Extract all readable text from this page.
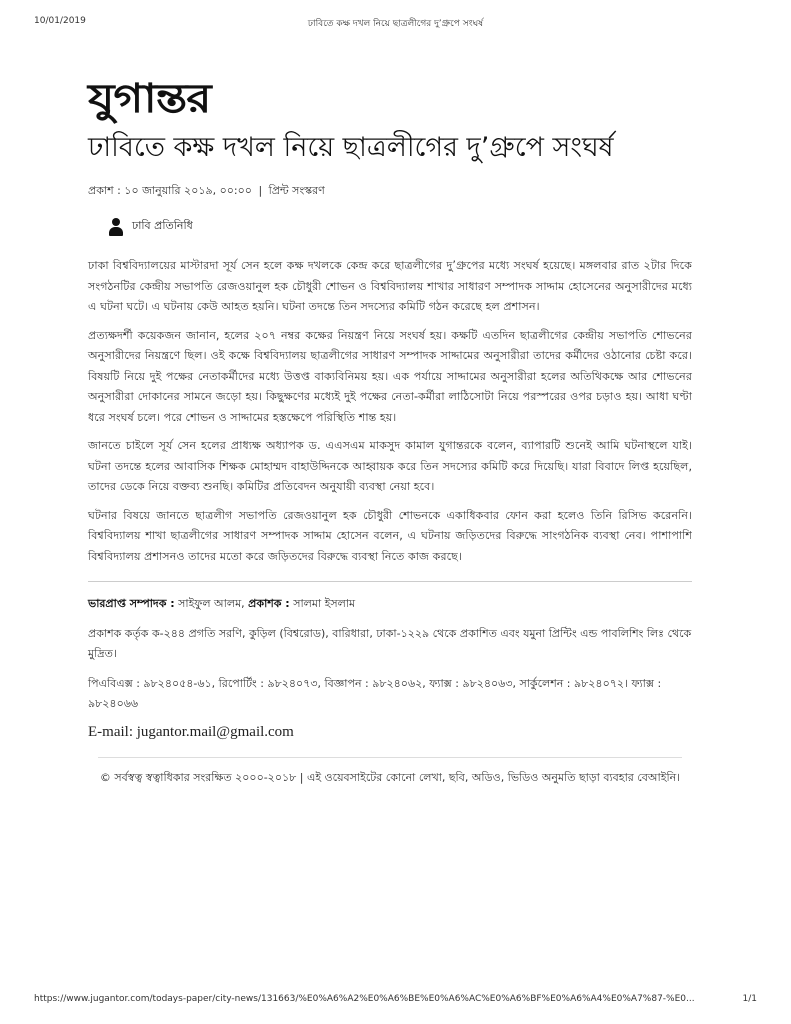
10/01/2019	ঢাবিতে কক্ষ দখল নিয়ে ছাত্রলীগের দু’গ্রুপে সংঘর্ষ
যুগান্তর
ঢাবিতে কক্ষ দখল নিয়ে ছাত্রলীগের দু’গ্রুপে সংঘর্ষ
প্রকাশ : ১০ জানুয়ারি ২০১৯, ০০:০০ | প্রিন্ট সংস্করণ
ঢাবি প্রতিনিধি

ঢাকা বিশ্ববিদ্যালয়ের মাস্টারদা সূর্য সেন হলে কক্ষ দখলকে কেন্দ্র করে ছাত্রলীগের দু’গ্রুপের মধ্যে সংঘর্ষ হয়েছে। মঙ্গলবার রাত ২টার দিকে সংগঠনটির কেন্দ্রীয় সভাপতি রেজওয়ানুল হক চৌধুরী শোভন ও বিশ্ববিদ্যালয় শাখার সাধারণ সম্পাদক সাদ্দাম হোসেনের অনুসারীদের মধ্যে এ ঘটনা ঘটে। এ ঘটনায় কেউ আহত হয়নি। ঘটনা তদন্তে তিন সদস্যের কমিটি গঠন করেছে হল প্রশাসন।

প্রত্যক্ষদর্শী কয়েকজন জানান, হলের ২০৭ নম্বর কক্ষের নিয়ন্ত্রণ নিয়ে সংঘর্ষ হয়। কক্ষটি এতদিন ছাত্রলীগের কেন্দ্রীয় সভাপতি শোভনের অনুসারীদের নিয়ন্ত্রণে ছিল। ওই কক্ষে বিশ্ববিদ্যালয় ছাত্রলীগের সাধারণ সম্পাদক সাদ্দামের অনুসারীরা তাদের কর্মীদের ওঠানোর চেষ্টা করে। বিষয়টি নিয়ে দুই পক্ষের নেতাকর্মীদের মধ্যে উত্তপ্ত বাক্যবিনিময় হয়। এক পর্যায়ে সাদ্দামের অনুসারীরা হলের অতিথিকক্ষে আর শোভনের অনুসারীরা দোকানের সামনে জড়ো হয়। কিছুক্ষণের মধ্যেই দুই পক্ষের নেতা-কর্মীরা লাঠিসোটা নিয়ে পরস্পরের ওপর চড়াও হয়। আধা ঘণ্টা ধরে সংঘর্ষ চলে। পরে শোভন ও সাদ্দামের হস্তক্ষেপে পরিস্থিতি শান্ত হয়।

জানতে চাইলে সূর্য সেন হলের প্রাধ্যক্ষ অধ্যাপক ড. এএসএম মাকসুদ কামাল যুগান্তরকে বলেন, ব্যাপারটি শুনেই আমি ঘটনাস্থলে যাই। ঘটনা তদন্তে হলের আবাসিক শিক্ষক মোহাম্মদ বাহাউদ্দিনকে আহ্বায়ক করে তিন সদস্যের কমিটি করে দিয়েছি। যারা বিবাদে লিপ্ত হয়েছিল, তাদের ডেকে নিয়ে বক্তব্য শুনছি। কমিটির প্রতিবেদন অনুযায়ী ব্যবস্থা নেয়া হবে।

ঘটনার বিষয়ে জানতে ছাত্রলীগ সভাপতি রেজওয়ানুল হক চৌধুরী শোভনকে একাধিকবার ফোন করা হলেও তিনি রিসিভ করেননি। বিশ্ববিদ্যালয় শাখা ছাত্রলীগের সাধারণ সম্পাদক সাদ্দাম হোসেন বলেন, এ ঘটনায় জড়িতদের বিরুদ্ধে সাংগঠনিক ব্যবস্থা নেব। পাশাপাশি বিশ্ববিদ্যালয় প্রশাসনও তাদের মতো করে জড়িতদের বিরুদ্ধে ব্যবস্থা নিতে কাজ করছে।

ভারপ্রাপ্ত সম্পাদক : সাইফুল আলম, প্রকাশক : সালমা ইসলাম
প্রকাশক কর্তৃক ক-২৪৪ প্রগতি সরণি, কুড়িল (বিশ্বরোড), বারিধারা, ঢাকা-১২২৯ থেকে প্রকাশিত এবং যমুনা প্রিন্টিং এন্ড পাবলিশিং লিঃ থেকে মুদ্রিত।
পিএবিএক্স : ৯৮২৪০৫৪-৬১, রিপোর্টিং : ৯৮২৪০৭৩, বিজ্ঞাপন : ৯৮২৪০৬২, ফ্যাক্স : ৯৮২৪০৬৩, সার্কুলেশন : ৯৮২৪০৭২। ফ্যাক্স : ৯৮২৪০৬৬
E-mail: jugantor.mail@gmail.com
© সর্বস্বত্ব স্বত্বাধিকার সংরক্ষিত ২০০০-২০১৮ | এই ওয়েবসাইটের কোনো লেখা, ছবি, অডিও, ভিডিও অনুমতি ছাড়া ব্যবহার বেআইনি।
https://www.jugantor.com/todays-paper/city-news/131663/%E0%A6%A2%E0%A6%BE%E0%A6%AC%E0%A6%BF%E0%A6%A4%E0%A7%87-%E0...	1/1
